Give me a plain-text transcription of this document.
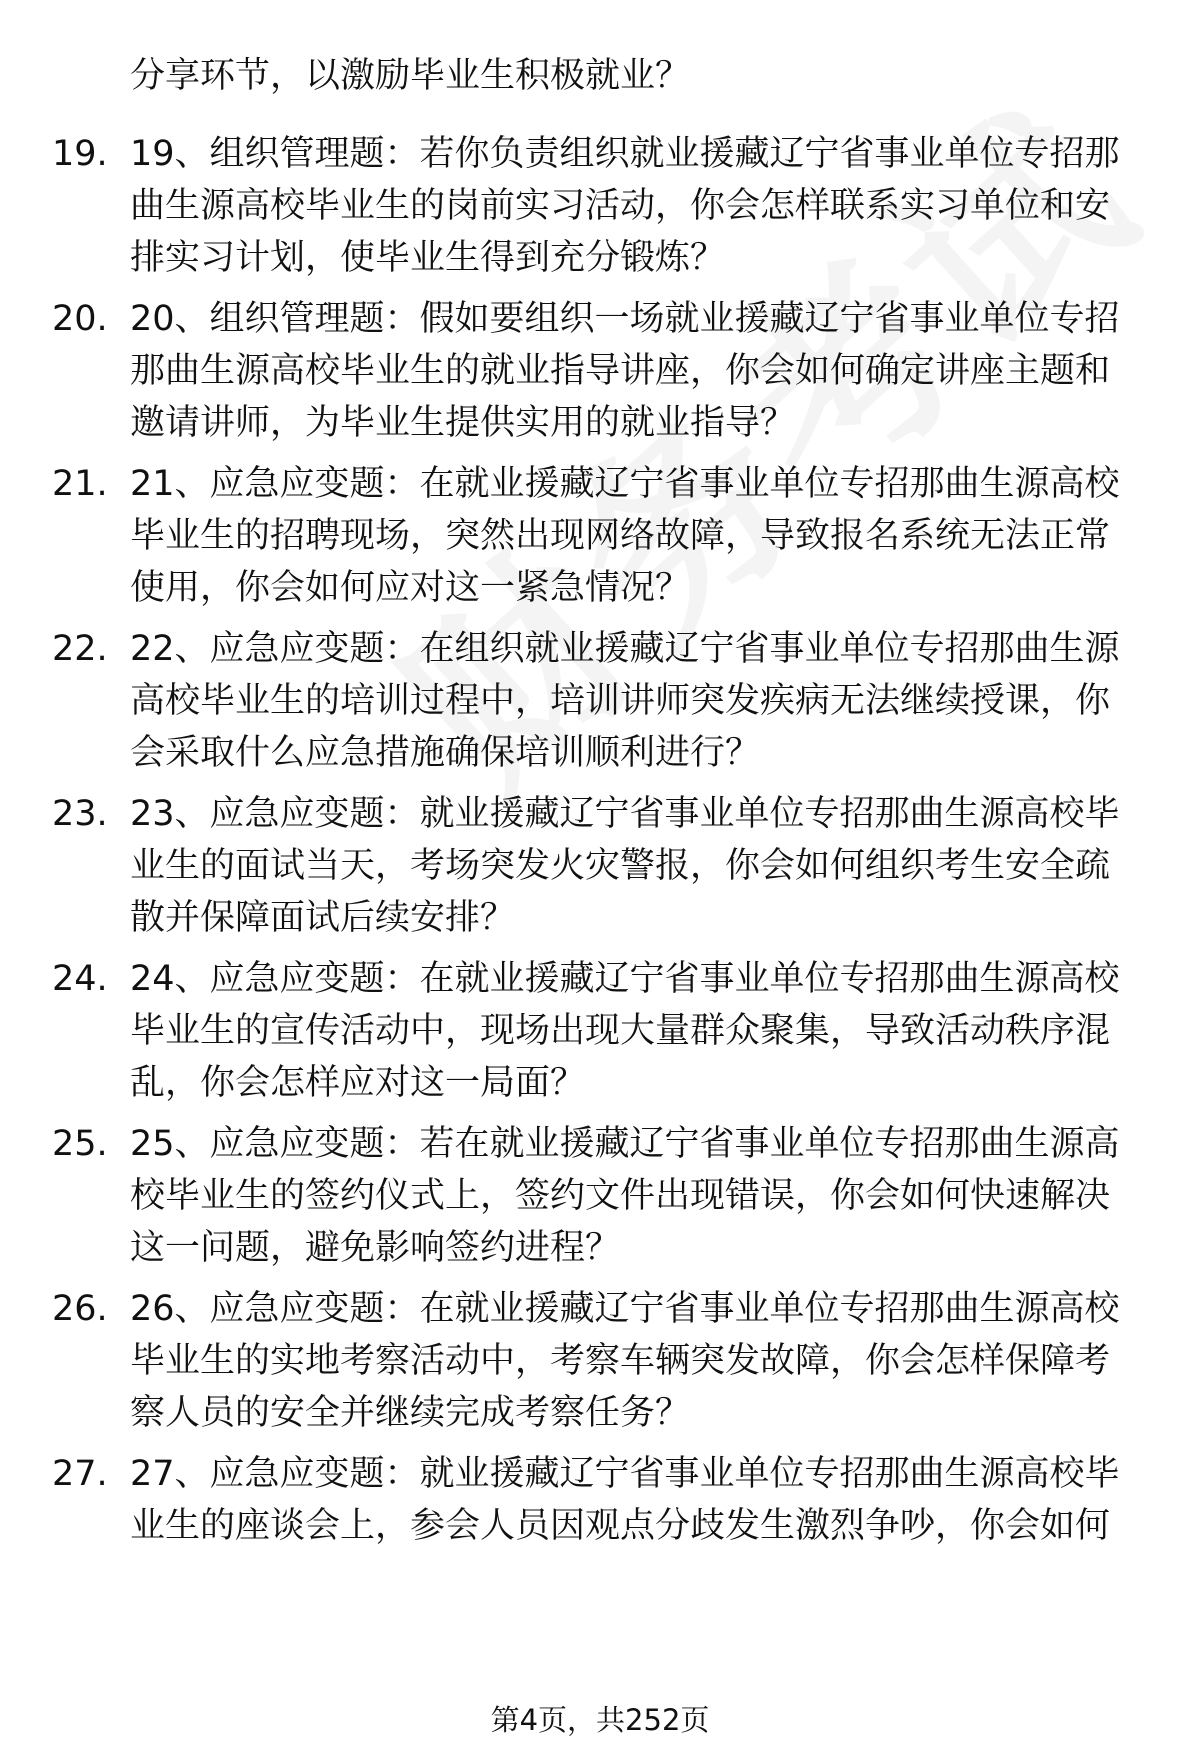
分享环节，以激励毕业生积极就业？
19. 19、组织管理题：若你负责组织就业援藏辽宁省事业单位专招那
曲生源高校毕业生的岗前实习活动，你会怎样联系实习单位和安
排实习计划，使毕业生得到充分锻炼？
20. 20、组织管理题：假如要组织一场就业援藏辽宁省事业单位专招
那曲生源高校毕业生的就业指导讲座，你会如何确定讲座主题和
邀请讲师，为毕业生提供实用的就业指导？
21. 21、应急应变题：在就业援藏辽宁省事业单位专招那曲生源高校
毕业生的招聘现场，突然出现网络故障，导致报名系统无法正常
使用，你会如何应对这一紧急情况？
22. 22、应急应变题：在组织就业援藏辽宁省事业单位专招那曲生源
高校毕业生的培训过程中，培训讲师突发疾病无法继续授课，你
会采取什么应急措施确保培训顺利进行？
23. 23、应急应变题：就业援藏辽宁省事业单位专招那曲生源高校毕
业生的面试当天，考场突发火灾警报，你会如何组织考生安全疏
散并保障面试后续安排？
24. 24、应急应变题：在就业援藏辽宁省事业单位专招那曲生源高校
毕业生的宣传活动中，现场出现大量群众聚集，导致活动秩序混
乱，你会怎样应对这一局面？
25. 25、应急应变题：若在就业援藏辽宁省事业单位专招那曲生源高
校毕业生的签约仪式上，签约文件出现错误，你会如何快速解决
这一问题，避免影响签约进程？
26. 26、应急应变题：在就业援藏辽宁省事业单位专招那曲生源高校
毕业生的实地考察活动中，考察车辆突发故障，你会怎样保障考
察人员的安全并继续完成考察任务？
27. 27、应急应变题：就业援藏辽宁省事业单位专招那曲生源高校毕
业生的座谈会上，参会人员因观点分歧发生激烈争吵，你会如何
第4页，共252页
